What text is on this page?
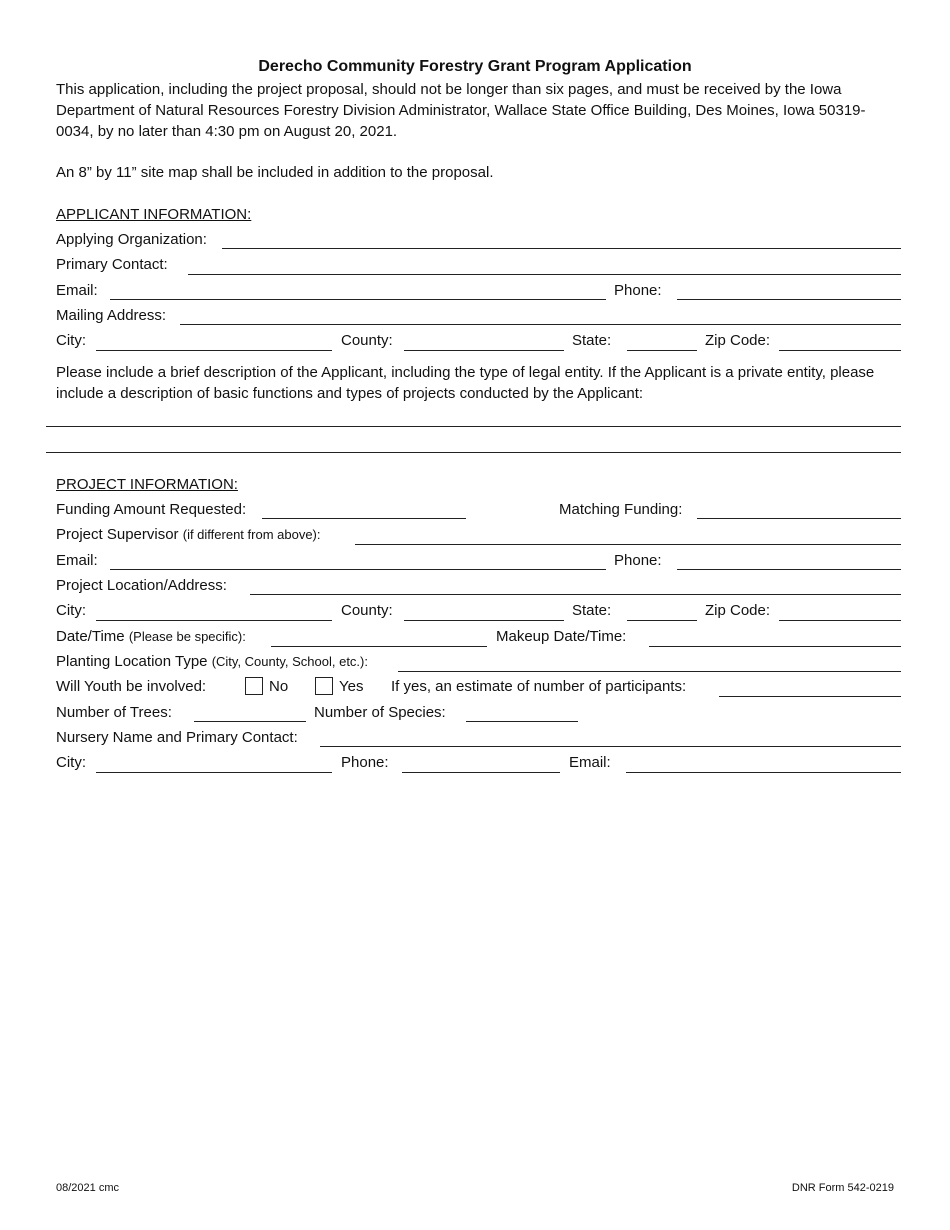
Derecho Community Forestry Grant Program Application
This application, including the project proposal, should not be longer than six pages, and must be received by the Iowa Department of Natural Resources Forestry Division Administrator, Wallace State Office Building, Des Moines, Iowa 50319-0034, by no later than 4:30 pm on August 20, 2021.
An 8” by 11” site map shall be included in addition to the proposal.
APPLICANT INFORMATION:
Applying Organization:
Primary Contact:
Email:	Phone:
Mailing Address:
City:	County:	State:	Zip Code:
Please include a brief description of the Applicant, including the type of legal entity. If the Applicant is a private entity, please include a description of basic functions and types of projects conducted by the Applicant:
PROJECT INFORMATION:
Funding Amount Requested:	Matching Funding:
Project Supervisor (if different from above):
Email:	Phone:
Project Location/Address:
City:	County:	State:	Zip Code:
Date/Time (Please be specific):	Makeup Date/Time:
Planting Location Type (City, County, School, etc.):
Will Youth be involved:	No	Yes If yes, an estimate of number of participants:
Number of Trees:	Number of Species:
Nursery Name and Primary Contact:
City:	Phone:	Email:
08/2021 cmc	DNR Form 542-0219
